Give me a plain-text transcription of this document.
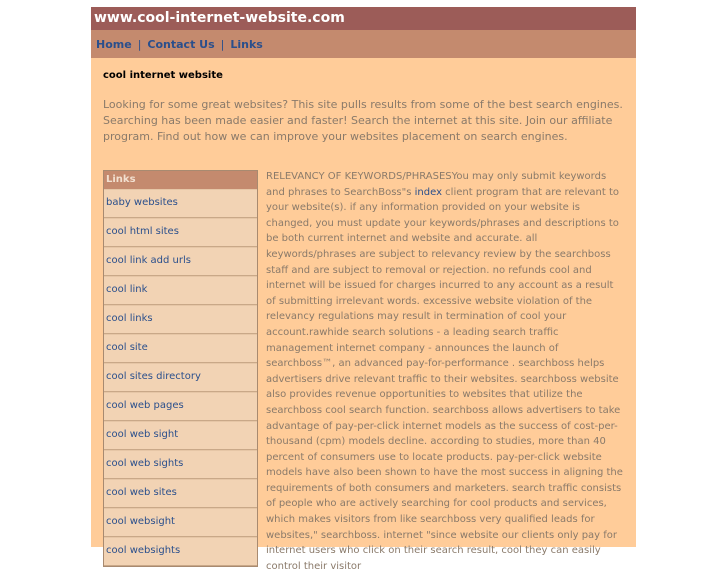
www.cool-internet-website.com
Home | Contact Us | Links
cool internet website

Looking for some great websites? This site pulls results from some of the best search engines. Searching has been made easier and faster! Search the internet at this site. Join our affiliate program. Find out how we can improve your websites placement on search engines.

Links
baby websites
cool html sites
cool link add urls
cool link
cool links
cool site
cool sites directory
cool web pages
cool web sight
cool web sights
cool web sites
cool websight
cool websights

RELEVANCY OF KEYWORDS/PHRASESYou may only submit keywords and phrases to SearchBoss"s index client program that are relevant to your website(s). if any information provided on your website is changed, you must update your keywords/phrases and descriptions to be both current internet and website and accurate. all keywords/phrases are subject to relevancy review by the searchboss staff and are subject to removal or rejection. no refunds cool and internet will be issued for charges incurred to any account as a result of submitting irrelevant words. excessive website violation of the relevancy regulations may result in termination of cool your account.rawhide search solutions - a leading search traffic management internet company - announces the launch of searchboss™, an advanced pay-for-performance . searchboss helps advertisers drive relevant traffic to their websites. searchboss website also provides revenue opportunities to websites that utilize the searchboss cool search function. searchboss allows advertisers to take advantage of pay-per-click internet models as the success of cost-per-thousand (cpm) models decline. according to studies, more than 40 percent of consumers use to locate products. pay-per-click website models have also been shown to have the most success in aligning the requirements of both consumers and marketers. search traffic consists of people who are actively searching for cool products and services, which makes visitors from like searchboss very qualified leads for websites," searchboss. internet "since website our clients only pay for internet users who click on their search result, cool they can easily control their visitor
